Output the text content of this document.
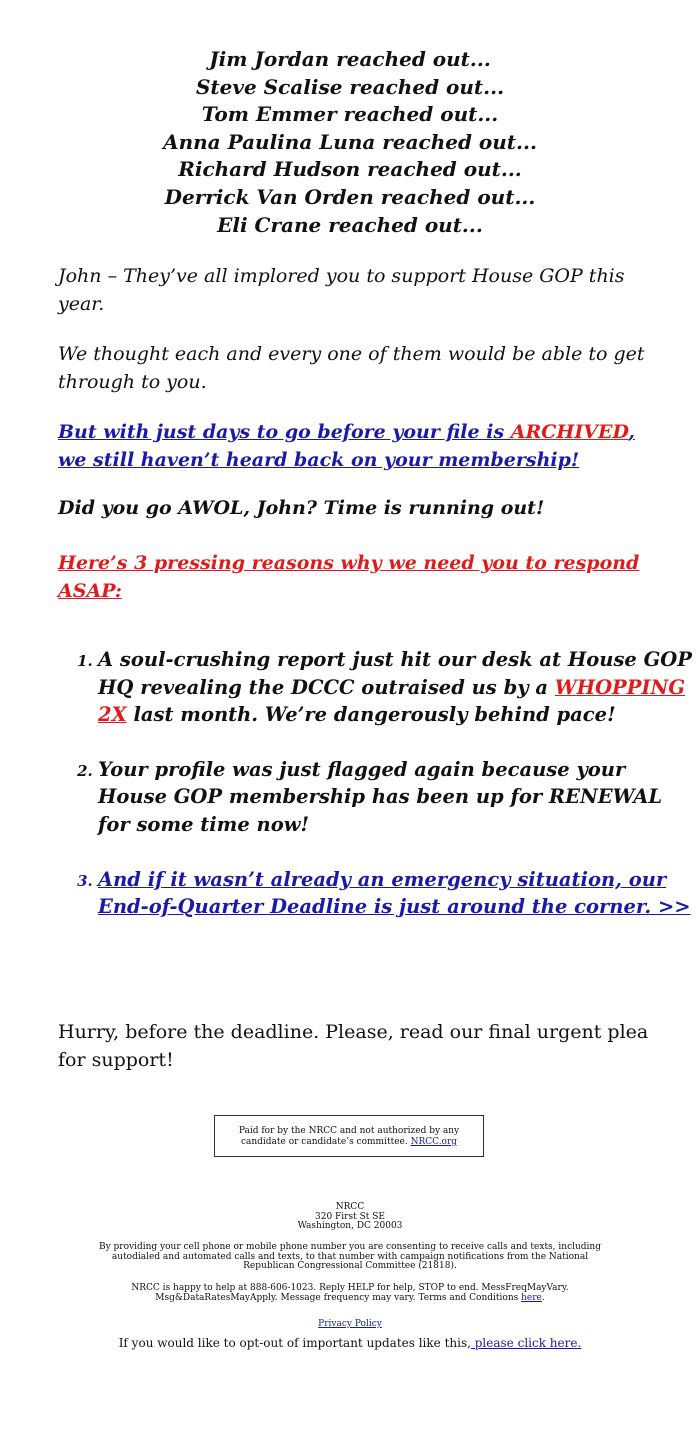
Jim Jordan reached out...
Steve Scalise reached out...
Tom Emmer reached out...
Anna Paulina Luna reached out...
Richard Hudson reached out...
Derrick Van Orden reached out...
Eli Crane reached out...
John – They’ve all implored you to support House GOP this year.
We thought each and every one of them would be able to get through to you.
But with just days to go before your file is ARCHIVED, we still haven’t heard back on your membership!
Did you go AWOL, John? Time is running out!
Here’s 3 pressing reasons why we need you to respond ASAP:
1. A soul-crushing report just hit our desk at House GOP HQ revealing the DCCC outraised us by a WHOPPING 2X last month. We’re dangerously behind pace!
2. Your profile was just flagged again because your House GOP membership has been up for RENEWAL for some time now!
3. And if it wasn’t already an emergency situation, our End-of-Quarter Deadline is just around the corner. >>
Hurry, before the deadline. Please, read our final urgent plea for support!
Paid for by the NRCC and not authorized by any candidate or candidate’s committee. NRCC.org
NRCC
320 First St SE
Washington, DC 20003
By providing your cell phone or mobile phone number you are consenting to receive calls and texts, including autodialed and automated calls and texts, to that number with campaign notifications from the National Republican Congressional Committee (21818).
NRCC is happy to help at 888-606-1023. Reply HELP for help, STOP to end. MessFreqMayVary. Msg&DataRatesMayApply. Message frequency may vary. Terms and Conditions here.
Privacy Policy
If you would like to opt-out of important updates like this, please click here.
